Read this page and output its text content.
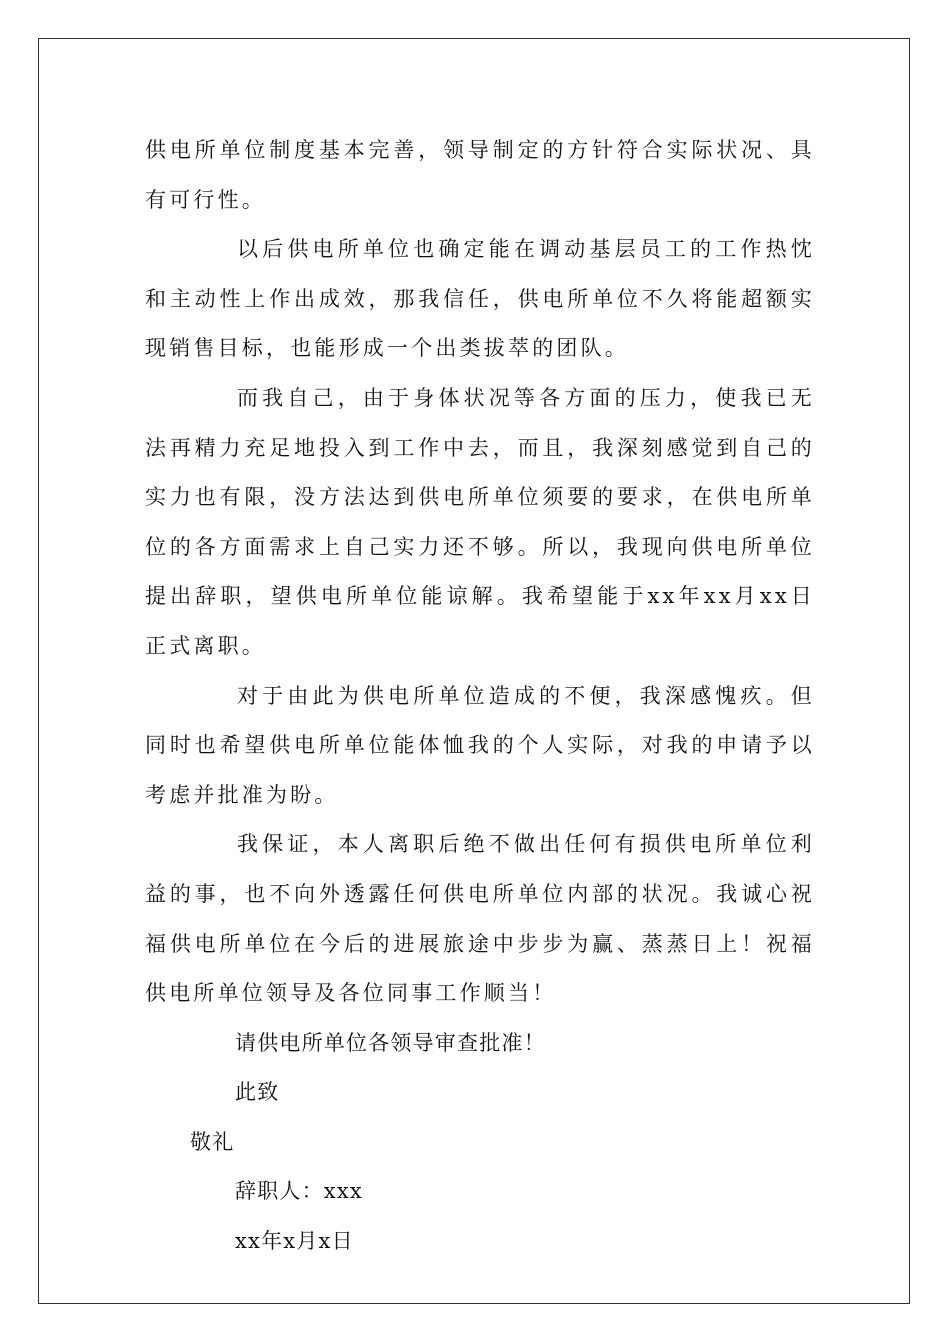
供电所单位制度基本完善，领导制定的方针符合实际状况、具有可行性。

以后供电所单位也确定能在调动基层员工的工作热忱和主动性上作出成效，那我信任，供电所单位不久将能超额实现销售目标，也能形成一个出类拔萃的团队。

而我自己，由于身体状况等各方面的压力，使我已无法再精力充足地投入到工作中去，而且，我深刻感觉到自己的实力也有限，没方法达到供电所单位须要的要求，在供电所单位的各方面需求上自己实力还不够。所以，我现向供电所单位提出辞职，望供电所单位能谅解。我希望能于xx年xx月xx日正式离职。

对于由此为供电所单位造成的不便，我深感愧疚。但同时也希望供电所单位能体恤我的个人实际，对我的申请予以考虑并批准为盼。

我保证，本人离职后绝不做出任何有损供电所单位利益的事，也不向外透露任何供电所单位内部的状况。我诚心祝福供电所单位在今后的进展旅途中步步为赢、蒸蒸日上！祝福供电所单位领导及各位同事工作顺当！

请供电所单位各领导审查批准！

此致

敬礼

辞职人：xxx

xx年x月x日
